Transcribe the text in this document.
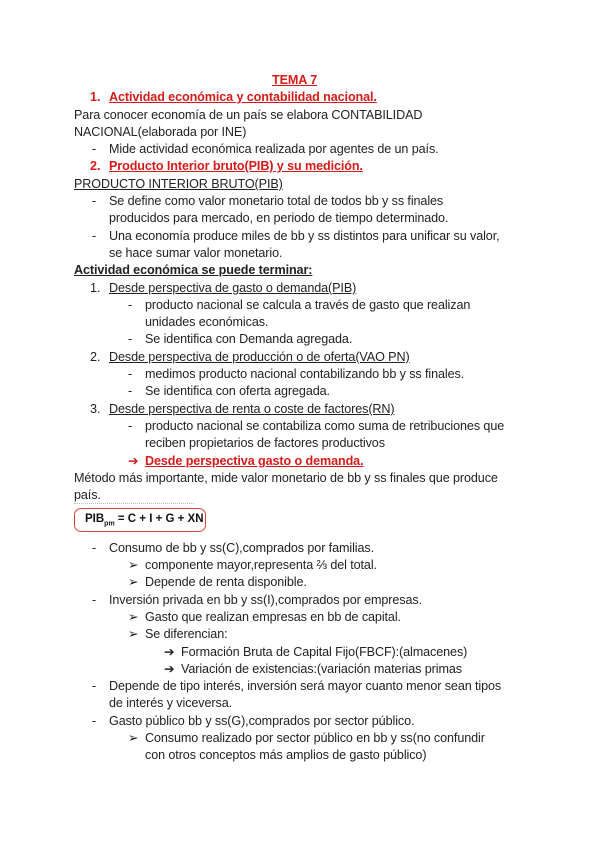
TEMA 7
1. Actividad económica y contabilidad nacional.
Para conocer economía de un país se elabora CONTABILIDAD
NACIONAL(elaborada por INE)
- Mide actividad económica realizada por agentes de un país.
2. Producto Interior bruto(PIB) y su medición.
PRODUCTO INTERIOR BRUTO(PIB)
- Se define como valor monetario total de todos bb y ss finales
producidos para mercado, en periodo de tiempo determinado.
- Una economía produce miles de bb y ss distintos para unificar su valor,
se hace sumar valor monetario.
Actividad económica se puede terminar:
1. Desde perspectiva de gasto o demanda(PIB)
- producto nacional se calcula a través de gasto que realizan
unidades económicas.
- Se identifica con Demanda agregada.
2. Desde perspectiva de producción o de oferta(VAO PN)
- medimos producto nacional contabilizando bb y ss finales.
- Se identifica con oferta agregada.
3. Desde perspectiva de renta o coste de factores(RN)
- producto nacional se contabiliza como suma de retribuciones que
reciben propietarios de factores productivos
➔ Desde perspectiva gasto o demanda.
Método más importante, mide valor monetario de bb y ss finales que produce
país.
$PIB_{pm} = C + I + G$ + XN
- Consumo de bb y ss(C),comprados por familias.
➢ componente mayor,representa ⅔ del total.
➢ Depende de renta disponible.
- Inversión privada en bb y ss(I),comprados por empresas.
➢ Gasto que realizan empresas en bb de capital.
➢ Se diferencian:
➔ Formación Bruta de Capital Fijo(FBCF):(almacenes)
➔ Variación de existencias:(variación materias primas
- Depende de tipo interés, inversión será mayor cuanto menor sean tipos
de interés y viceversa.
- Gasto público bb y ss(G),comprados por sector público.
➢ Consumo realizado por sector público en bb y ss(no confundir
con otros conceptos más amplios de gasto público)
